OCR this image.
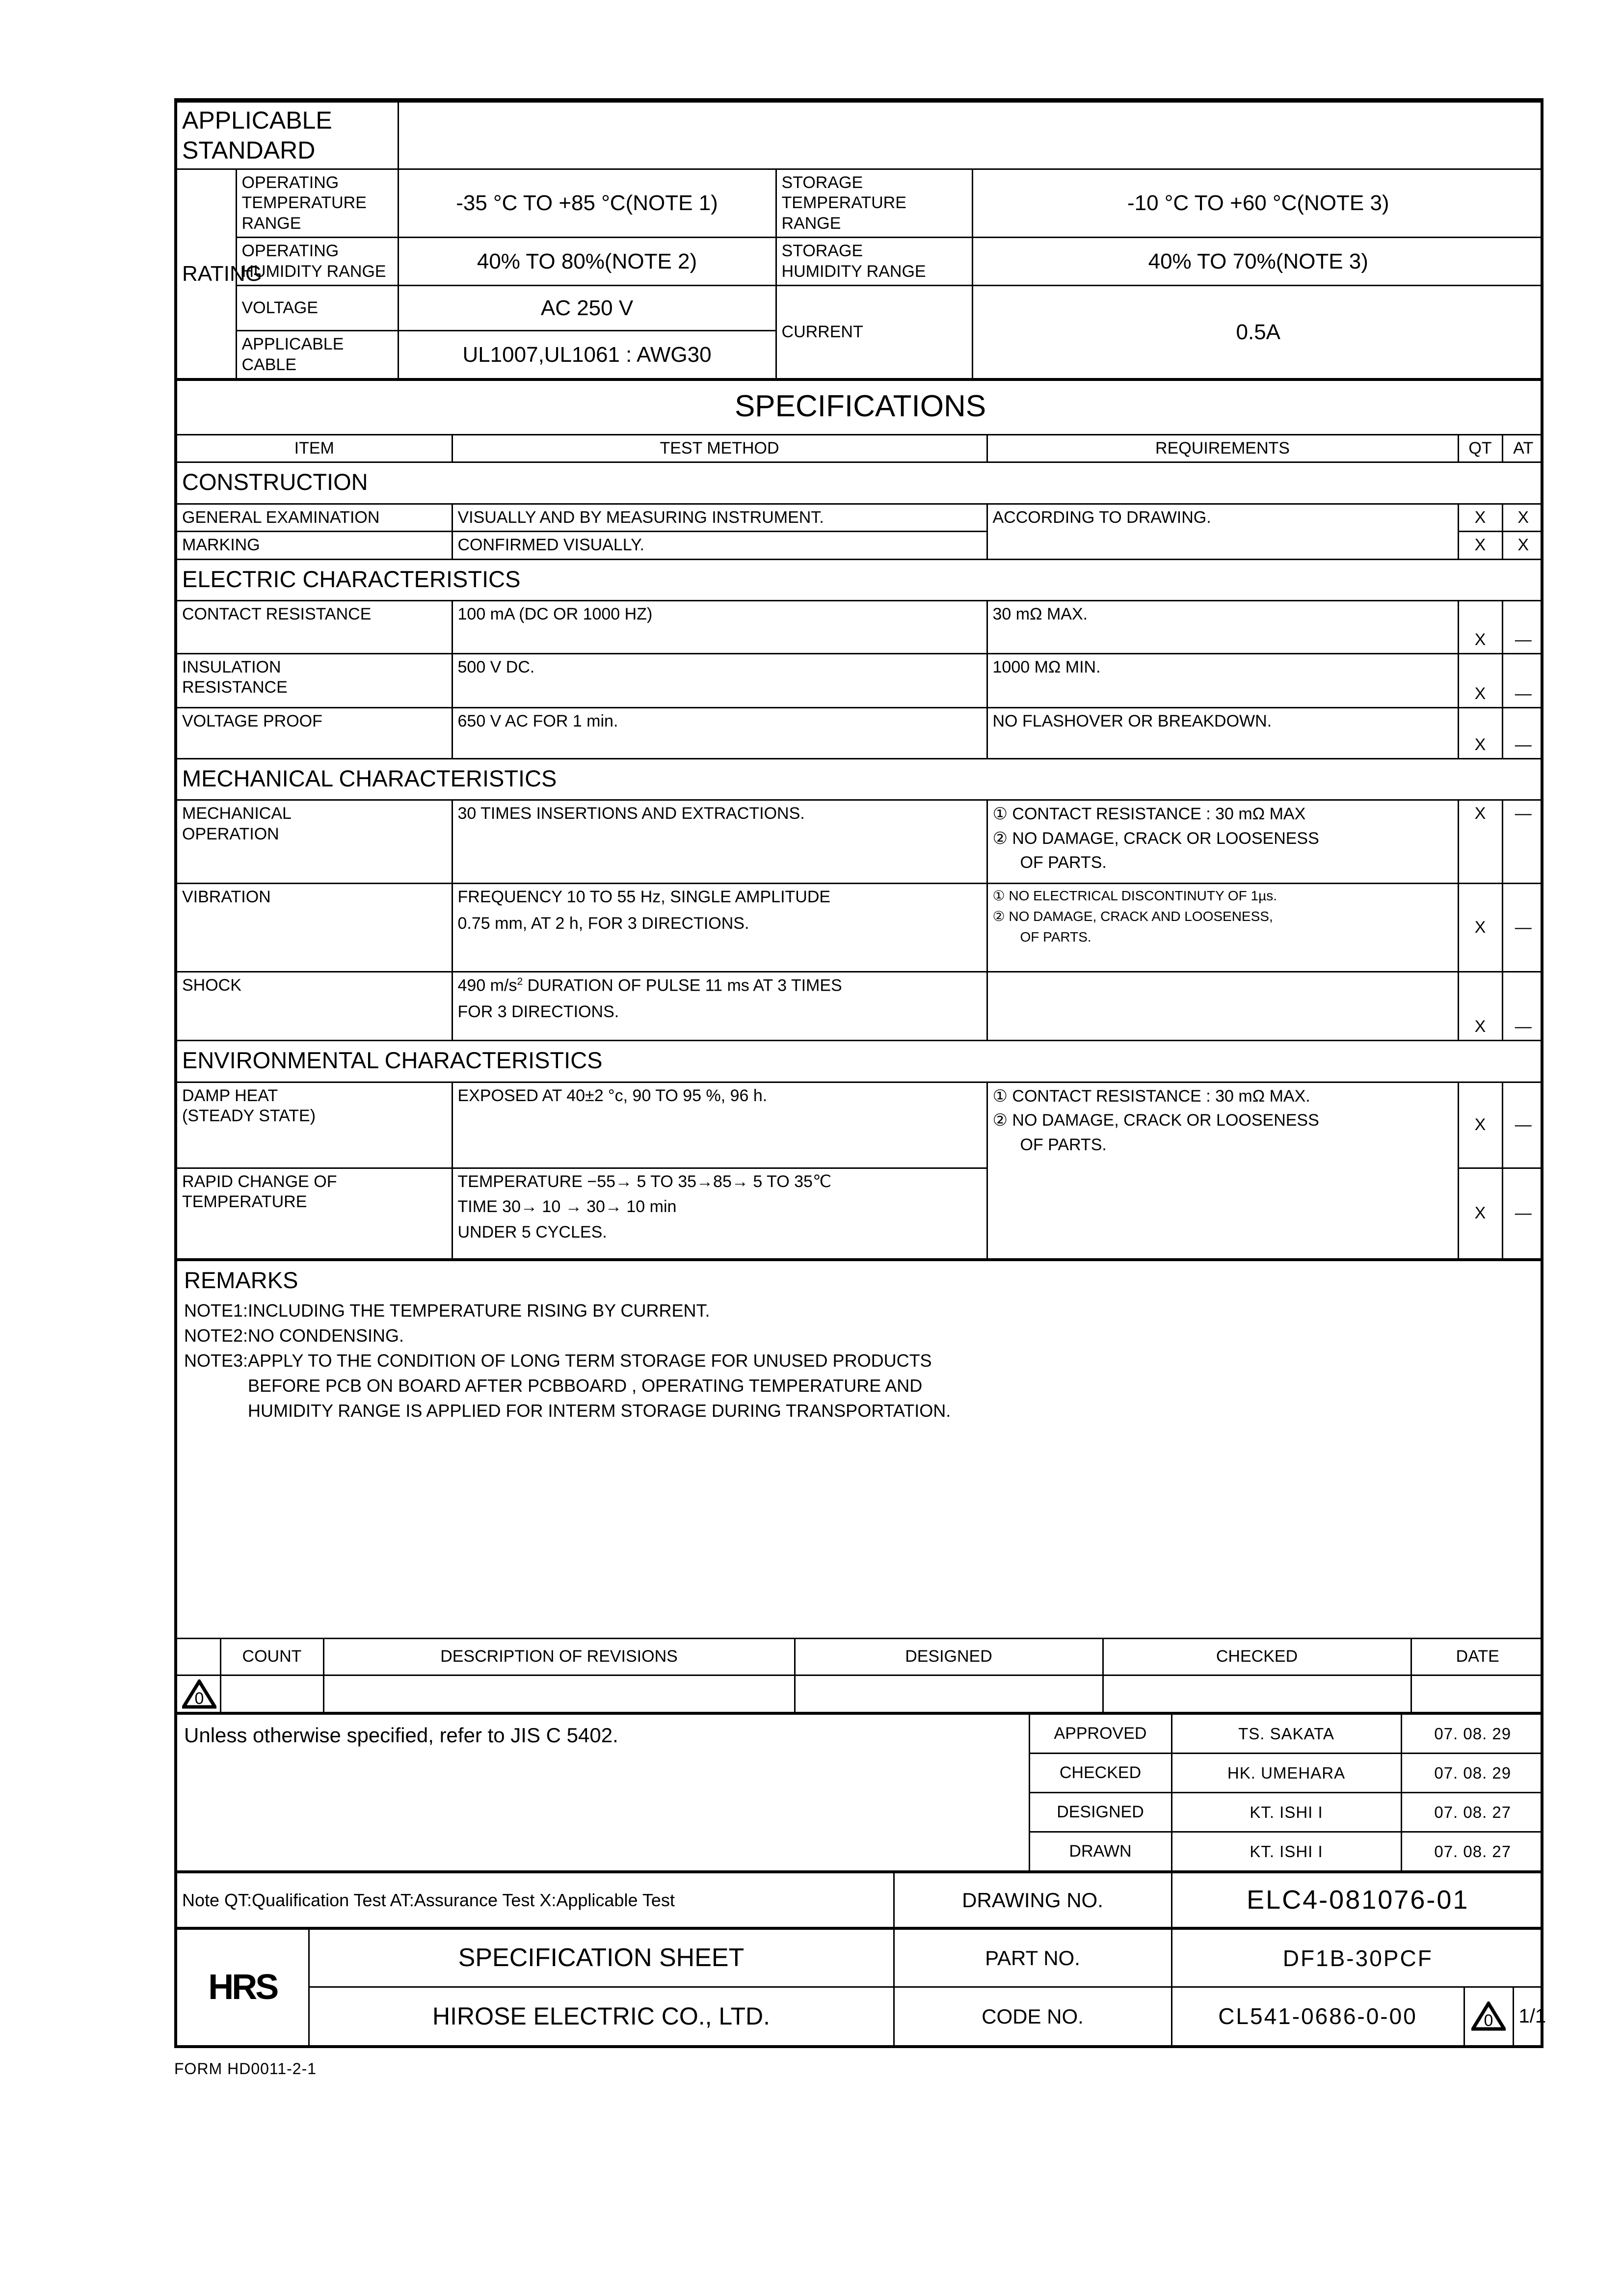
APPLICABLE STANDARD				
RATING	OPERATING
TEMPERATURE RANGE	-35 °C TO +85 °C(NOTE 1)	STORAGE
TEMPERATURE RANGE	-10 °C TO +60 °C(NOTE 3)

	OPERATING
HUMIDITY RANGE	40% TO 80%(NOTE 2)	STORAGE
HUMIDITY RANGE	40% TO 70%(NOTE 3)
	VOLTAGE	AC 250 V	CURRENT	0.5A
	APPLICABLE CABLE	UL1007,UL1061 : AWG30		
SPECIFICATIONS				
ITEM	TEST METHOD	REQUIREMENTS	QT	AT
CONSTRUCTION				
GENERAL EXAMINATION	VISUALLY AND BY MEASURING INSTRUMENT.	ACCORDING TO DRAWING.	X	X
MARKING	CONFIRMED VISUALLY.		X	X
ELECTRIC CHARACTERISTICS				
CONTACT RESISTANCE	100 mA (DC OR 1000 HZ)	30 mΩ MAX.	X	—

INSULATION
RESISTANCE	500 V DC.	1000 MΩ MIN.	X	—
VOLTAGE PROOF	650 V AC FOR 1 min.	NO FLASHOVER OR BREAKDOWN.	X	—
MECHANICAL CHARACTERISTICS				

MECHANICAL
OPERATION	30 TIMES INSERTIONS AND EXTRACTIONS.	① CONTACT RESISTANCE : 30 mΩ MAX
② NO DAMAGE, CRACK OR LOOSENESS
OF PARTS.	X	—
VIBRATION	FREQUENCY 10 TO 55 Hz, SINGLE AMPLITUDE
0.75 mm, AT 2 h, FOR 3 DIRECTIONS.	① NO ELECTRICAL DISCONTINUTY OF 1µs.
② NO DAMAGE, CRACK AND LOOSENESS,
OF PARTS.	X	—
SHOCK	490 $m/s^2$ DURATION OF PULSE 11 ms AT 3 TIMES
FOR 3 DIRECTIONS.		X	—
ENVIRONMENTAL CHARACTERISTICS				

DAMP HEAT
(STEADY STATE)	EXPOSED AT 40±2 °c, 90 TO 95 %, 96 h.	① CONTACT RESISTANCE : 30 mΩ MAX.
② NO DAMAGE, CRACK OR LOOSENESS
OF PARTS.	X	—

RAPID CHANGE OF
TEMPERATURE	TEMPERATURE −55→ 5 TO 35→85→ 5 TO 35℃
TIME 30→ 10 → 30→ 10 min
UNDER 5 CYCLES.		X	—
REMARKS
NOTE1:INCLUDING THE TEMPERATURE RISING BY CURRENT.
NOTE2:NO CONDENSING.
NOTE3:APPLY TO THE CONDITION OF LONG TERM STORAGE FOR UNUSED PRODUCTS
BEFORE PCB ON BOARD AFTER PCBBOARD , OPERATING TEMPERATURE AND
HUMIDITY RANGE IS APPLIED FOR INTERM STORAGE DURING TRANSPORTATION.
	COUNT	DESCRIPTION OF REVISIONS	DESIGNED	CHECKED	DATE

0					

Unless otherwise specified, refer to JIS C 5402.	APPROVED	TS. SAKATA	07. 08. 29
	CHECKED	HK. UMEHARA	07. 08. 29
	DESIGNED	KT. ISHI I	07. 08. 27
	DRAWN	KT. ISHI I	07. 08. 27
Note QT:Qualification Test AT:Assurance Test X:Applicable Test	DRAWING NO.	ELC4-081076-01
HRS	SPECIFICATION SHEET	PART NO.	DF1B-30PCF		
	HIROSE ELECTRIC CO., LTD.	CODE NO.	CL541-0686-0-00	0	1/1
FORM HD0011-2-1
